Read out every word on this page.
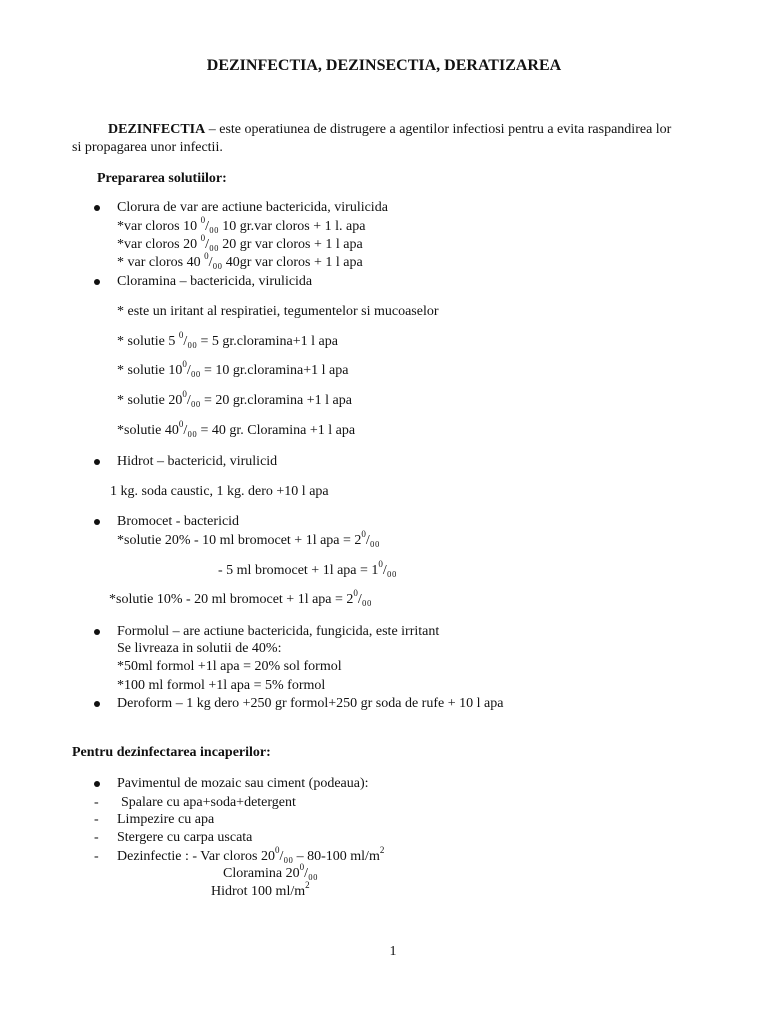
DEZINFECTIA, DEZINSECTIA, DERATIZAREA
DEZINFECTIA – este operatiunea de distrugere a agentilor infectiosi pentru a evita raspandirea lor
si propagarea unor infectii.
Prepararea solutiilor:
Clorura de var are actiune bactericida, virulicida
*var cloros 10 $^0$/₀₀ 10 gr.var cloros + 1 l. apa
*var cloros 20 $^0$/₀₀ 20 gr var cloros + 1 l apa
* var cloros 40 $^0$/₀₀ 40gr var cloros + 1 l apa
Cloramina – bactericida, virulicida
* este un iritant al respiratiei, tegumentelor si mucoaselor
* solutie 5 $^0$/₀₀ = 5 gr.cloramina+1 l apa
* solutie $10^0/_{00} = 10$ gr.cloramina+1 l apa
* solutie $20^0/_{00} = 20$ gr.cloramina +1 l apa
*solutie $40^0/_{00} = 40$ gr. Cloramina +1 l apa
Hidrot – bactericid, virulicid
1 kg. soda caustic, 1 kg. dero +10 l apa
Bromocet - bactericid
*solutie 20% - 10 ml bromocet + 1l apa = $2^0/_{00}$
- 5 ml bromocet + 1l apa = $1^0/_{00}$
*solutie 10% - 20 ml bromocet + 1l apa = $2^0/_{00}$
Formolul – are actiune bactericida, fungicida, este irritant
Se livreaza in solutii de 40%:
*50ml formol +1l apa = 20% sol formol
*100 ml formol +1l apa = 5% formol
Deroform – 1 kg dero +250 gr formol+250 gr soda de rufe + 10 l apa
Pentru dezinfectarea incaperilor:
Pavimentul de mozaic sau ciment (podeaua):
- Spalare cu apa+soda+detergent
- Limpezire cu apa
- Stergere cu carpa uscata
- Dezinfectie : - Var cloros $20^0/_{00} - 80-100$ $ml/m^2$
Cloramina $20^0/_{00}$
Hidrot 100 $ml/m^2$
1
